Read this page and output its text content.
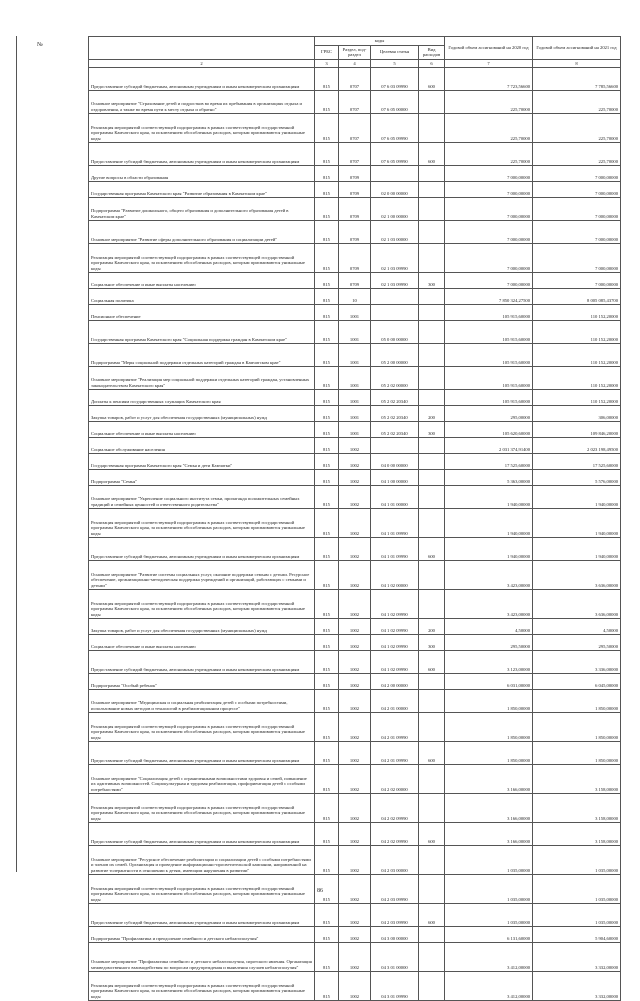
№
	коды				Годовой объем ассигнований на 2020 год	Годовой объем ассигнований на 2021 год
	ГРБС	Раздел, под-раздел	Целевая статья	Вид расходов		
2	3	4	5	6	7	8
Предоставление субсидий бюджетным, автономным учреждениям и иным некоммерческим организациям	815	0707	07 6 03 09990	600	7 723,56600	7 785,56600
Основное мероприятие "Страхование детей и подростков во время их пребывания в организациях отдыха и оздоровления, а также во время пути к месту отдыха и обратно"	815	0707	07 6 05 00000		225,70000	225,70000
Реализация мероприятий соответствующей подпрограммы в рамках соответствующей государственной программы Камчатского края, за исключением обособленных расходов, которым присваиваются уникальные коды	815	0707	07 6 05 09990		225,70000	225,70000
Предоставление субсидий бюджетным, автономным учреждениям и иным некоммерческим организациям	815	0707	07 6 05 09990	600	225,70000	225,70000
Другие вопросы в области образования	815	0709			7 000,00000	7 000,00000
Государственная программа Камчатского края "Развитие образования в Камчатском крае"	815	0709	02 0 00 00000		7 000,00000	7 000,00000
Подпрограмма "Развитие дошкольного, общего образования и дополнительного образования детей в Камчатском крае"	815	0709	02 1 00 00000		7 000,00000	7 000,00000
Основное мероприятие "Развитие сферы дополнительного образования и социализации детей"	815	0709	02 1 03 00000		7 000,00000	7 000,00000
Реализация мероприятий соответствующей подпрограммы в рамках соответствующей государственной программы Камчатского края, за исключением обособленных расходов, которым присваиваются уникальные коды	815	0709	02 1 03 09990		7 000,00000	7 000,00000
Социальное обеспечение и иные выплаты населению	815	0709	02 1 03 09990	300	7 000,00000	7 000,00000
Социальная политика	815	10			7 850 324,27500	8 005 085,43700
Пенсионное обеспечение	815	1001			105 915,60000	110 152,20000
Государственная программа Камчатского края "Социальная поддержка граждан в Камчатском крае"	815	1001	05 0 00 00000		105 915,60000	110 152,20000
Подпрограмма "Меры социальной поддержки отдельных категорий граждан в Камчатском крае"	815	1001	05 2 00 00000		105 915,60000	110 152,20000
Основное мероприятие "Реализация мер социальной поддержки отдельных категорий граждан, установленных законодательством Камчатского края"	815	1001	05 2 02 00000		105 915,60000	110 152,20000
Доплаты к пенсиям государственных служащих Камчатского края	815	1001	05 2 02 20340		105 915,60000	110 152,20000
Закупка товаров, работ и услуг для обеспечения государственных (муниципальных) нужд	815	1001	05 2 02 20340	200	295,00000	306,00000
Социальное обеспечение и иные выплаты населению	815	1001	05 2 02 20340	300	105 620,60000	109 846,20000
Социальное обслуживание населения	815	1002			2 031 374,91400	2 023 198,49500
Государственная программа Камчатского края "Семья и дети Камчатки"	815	1002	04 0 00 00000		17 525,60000	17 525,60000
Подпрограмма "Семья"	815	1002	04 1 00 00000		5 363,00000	5 576,00000
Основное мероприятие "Укрепление социального института семьи, пропаганда положительных семейных традиций и семейных ценностей и ответственного родительства"	815	1002	04 1 01 00000		1 940,00000	1 940,00000
Реализация мероприятий соответствующей подпрограммы в рамках соответствующей государственной программы Камчатского края, за исключением обособленных расходов, которым присваиваются уникальные коды	815	1002	04 1 01 09990		1 940,00000	1 940,00000
Предоставление субсидий бюджетным, автономным учреждениям и иным некоммерческим организациям	815	1002	04 1 01 09990	600	1 940,00000	1 940,00000
Основное мероприятие "Развитие системы социальных услуг, оказание поддержки семьям с детьми. Ресурсное обеспечение, организационно-методическая поддержка учреждений и организаций, работающих с семьями и детьми"	815	1002	04 1 02 00000		3 423,00000	3 636,00000
Реализация мероприятий соответствующей подпрограммы в рамках соответствующей государственной программы Камчатского края, за исключением обособленных расходов, которым присваиваются уникальные коды	815	1002	04 1 02 09990		3 423,00000	3 636,00000
Закупка товаров, работ и услуг для обеспечения государственных (муниципальных) нужд	815	1002	04 1 02 09990	200	4,50000	4,50000
Социальное обеспечение и иные выплаты населению	815	1002	04 1 02 09990	300	295,50000	295,50000
Предоставление субсидий бюджетным, автономным учреждениям и иным некоммерческим организациям	815	1002	04 1 02 09990	600	3 123,00000	3 336,00000
Подпрограмма "Особый ребенок"	815	1002	04 2 00 00000		6 031,00000	6 045,00000
Основное мероприятие "Медицинская и социальная реабилитация детей с особыми потребностями, использование новых методов и технологий в реабилитационном процессе"	815	1002	04 2 01 00000		1 850,00000	1 850,00000
Реализация мероприятий соответствующей подпрограммы в рамках соответствующей государственной программы Камчатского края, за исключением обособленных расходов, которым присваиваются уникальные коды	815	1002	04 2 01 09990		1 850,00000	1 850,00000
Предоставление субсидий бюджетным, автономным учреждениям и иным некоммерческим организациям	815	1002	04 2 01 09990	600	1 850,00000	1 850,00000
Основное мероприятие "Социализация детей с ограниченными возможностями здоровья и семей, повышение их адаптивных возможностей. Социокультурная и трудовая реабилитация, профориентация детей с особыми потребностями"	815	1002	04 2 02 00000		3 166,00000	3 158,00000
Реализация мероприятий соответствующей подпрограммы в рамках соответствующей государственной программы Камчатского края, за исключением обособленных расходов, которым присваиваются уникальные коды	815	1002	04 2 02 09990		3 166,00000	3 158,00000
Предоставление субсидий бюджетным, автономным учреждениям и иным некоммерческим организациям	815	1002	04 2 02 09990	600	3 166,00000	3 158,00000
Основное мероприятие "Ресурсное обеспечение реабилитации и социализации детей с особыми потребностями и членов их семей. Организация и проведение информационно-просветительской кампании, направленной на развитие толерантности в отношении к детям, имеющим нарушения в развитии"	815	1002	04 2 03 00000		1 035,00000	1 035,00000
Реализация мероприятий соответствующей подпрограммы в рамках соответствующей государственной программы Камчатского края, за исключением обособленных расходов, которым присваиваются уникальные коды	815	1002	04 2 03 09990		1 035,00000	1 035,00000
Предоставление субсидий бюджетным, автономным учреждениям и иным некоммерческим организациям	815	1002	04 2 03 09990	600	1 035,00000	1 035,00000
Подпрограмма "Профилактика и преодоление семейного и детского неблагополучия"	815	1002	04 3 00 00000		6 131,60000	5 904,60000
Основное мероприятие "Профилактика семейного и детского неблагополучия, сиротского явления. Организация межведомственного взаимодействия по вопросам предупреждения и выявления случаев неблагополучия"	815	1002	04 3 01 00000		3 412,00000	3 332,00000
Реализация мероприятий соответствующей подпрограммы в рамках соответствующей государственной программы Камчатского края, за исключением обособленных расходов, которым присваиваются уникальные коды	815	1002	04 3 01 09990		3 412,00000	3 332,00000
86
